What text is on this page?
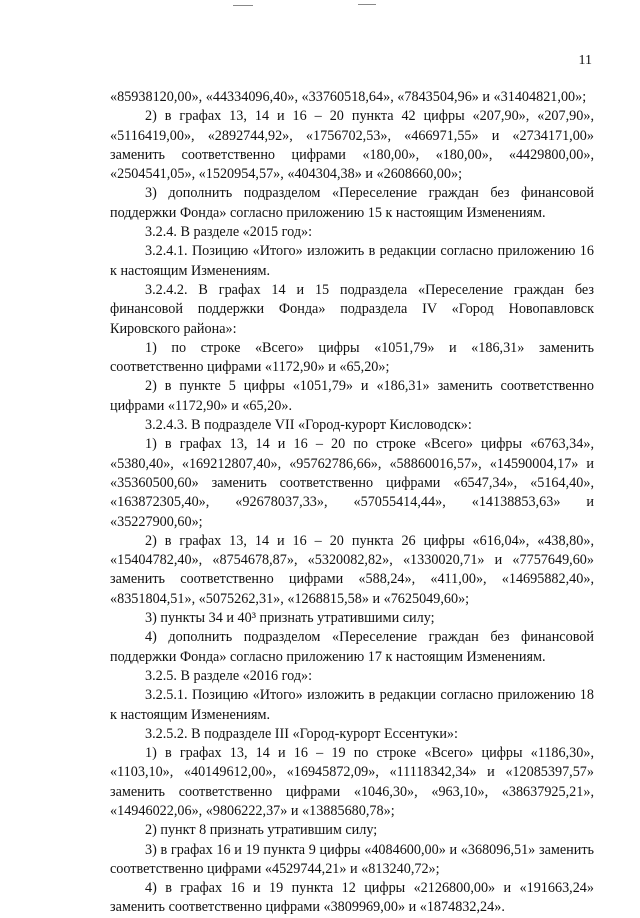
11

«85938120,00», «44334096,40», «33760518,64», «7843504,96» и «31404821,00»;

2) в графах 13, 14 и 16 – 20 пункта 42 цифры «207,90», «207,90», «5116419,00», «2892744,92», «1756702,53», «466971,55» и «2734171,00» заменить соответственно цифрами «180,00», «180,00», «4429800,00», «2504541,05», «1520954,57», «404304,38» и «2608660,00»;

3) дополнить подразделом «Переселение граждан без финансовой поддержки Фонда» согласно приложению 15 к настоящим Изменениям.

3.2.4. В разделе «2015 год»:

3.2.4.1. Позицию «Итого» изложить в редакции согласно приложению 16 к настоящим Изменениям.

3.2.4.2. В графах 14 и 15 подраздела «Переселение граждан без финансовой поддержки Фонда» подраздела IV «Город Новопавловск Кировского района»:

1) по строке «Всего» цифры «1051,79» и «186,31» заменить соответственно цифрами «1172,90» и «65,20»;

2) в пункте 5 цифры «1051,79» и «186,31» заменить соответственно цифрами «1172,90» и «65,20».

3.2.4.3. В подразделе VII «Город-курорт Кисловодск»:

1) в графах 13, 14 и 16 – 20 по строке «Всего» цифры «6763,34», «5380,40», «169212807,40», «95762786,66», «58860016,57», «14590004,17» и «35360500,60» заменить соответственно цифрами «6547,34», «5164,40», «163872305,40», «92678037,33», «57055414,44», «14138853,63» и «35227900,60»;

2) в графах 13, 14 и 16 – 20 пункта 26 цифры «616,04», «438,80», «15404782,40», «8754678,87», «5320082,82», «1330020,71» и «7757649,60» заменить соответственно цифрами «588,24», «411,00», «14695882,40», «8351804,51», «5075262,31», «1268815,58» и «7625049,60»;

3) пункты 34 и 40³ признать утратившими силу;

4) дополнить подразделом «Переселение граждан без финансовой поддержки Фонда» согласно приложению 17 к настоящим Изменениям.

3.2.5. В разделе «2016 год»:

3.2.5.1. Позицию «Итого» изложить в редакции согласно приложению 18 к настоящим Изменениям.

3.2.5.2. В подразделе III «Город-курорт Ессентуки»:

1) в графах 13, 14 и 16 – 19 по строке «Всего» цифры «1186,30», «1103,10», «40149612,00», «16945872,09», «11118342,34» и «12085397,57» заменить соответственно цифрами «1046,30», «963,10», «38637925,21», «14946022,06», «9806222,37» и «13885680,78»;

2) пункт 8 признать утратившим силу;

3) в графах 16 и 19 пункта 9 цифры «4084600,00» и «368096,51» заменить соответственно цифрами «4529744,21» и «813240,72»;

4) в графах 16 и 19 пункта 12 цифры «2126800,00» и «191663,24» заменить соответственно цифрами «3809969,00» и «1874832,24».
